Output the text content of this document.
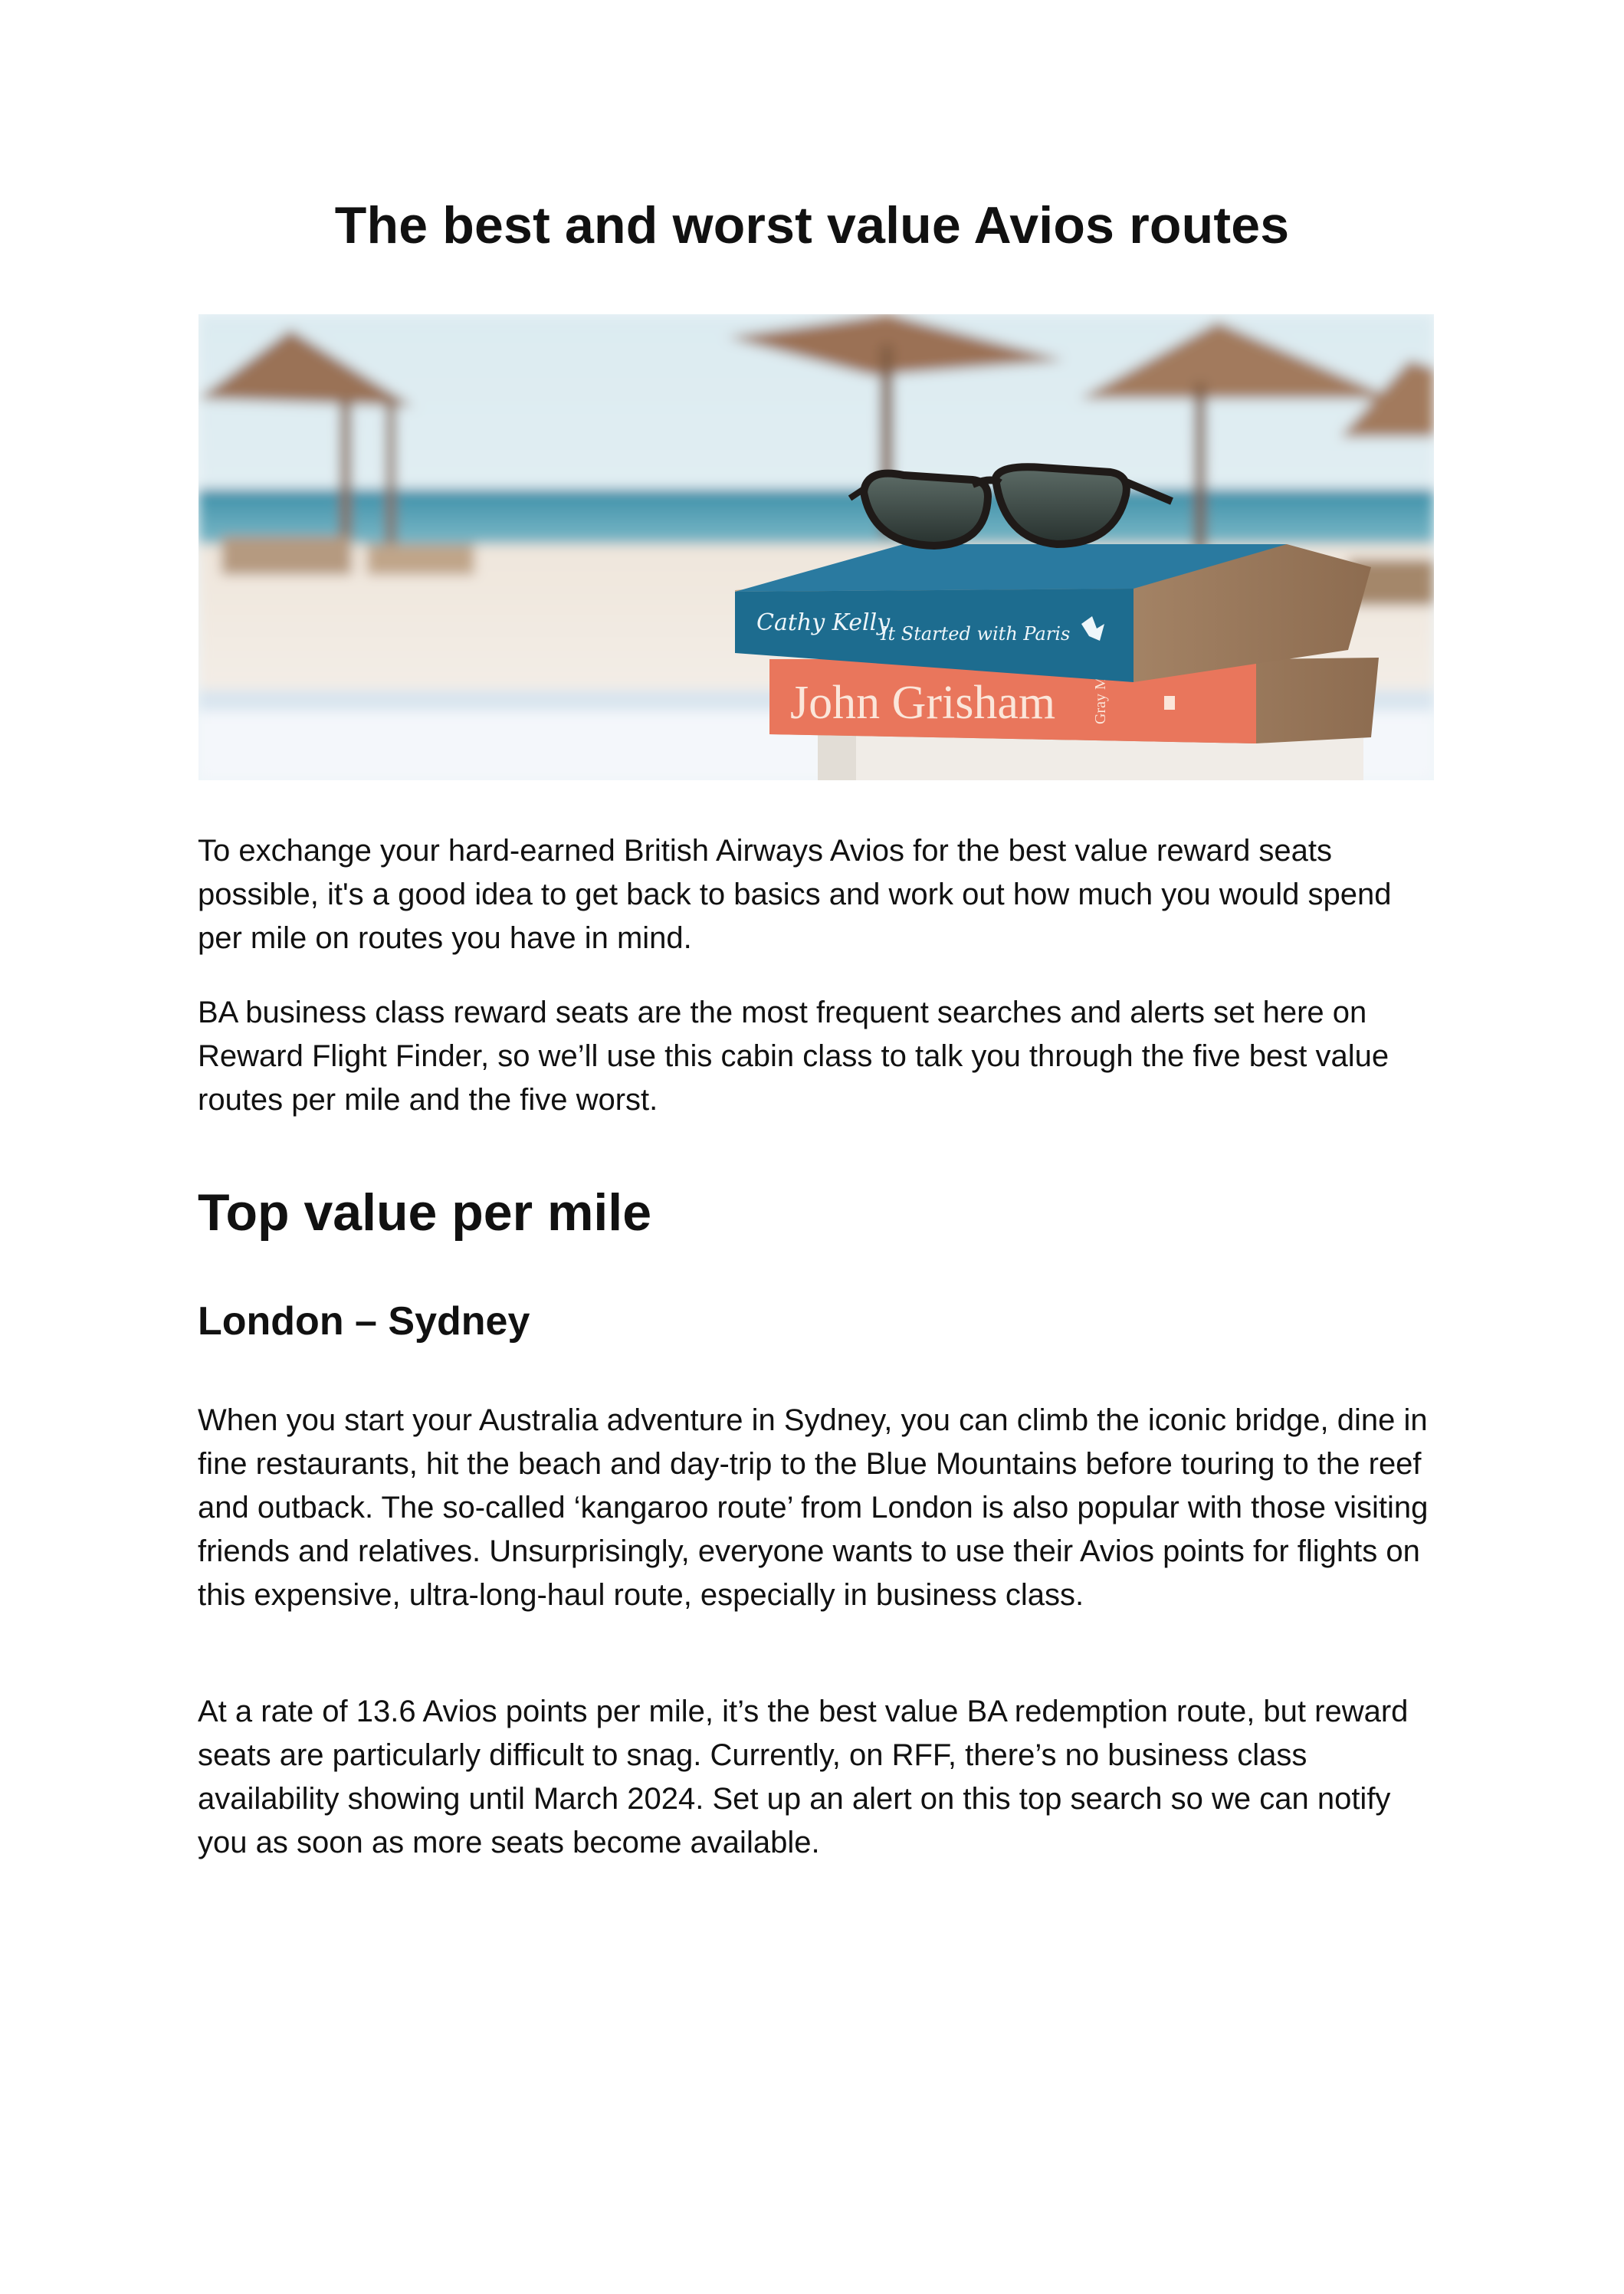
The best and worst value Avios routes
John Grisham
Cathy Kelly
It Started with Paris

To exchange your hard-earned British Airways Avios for the best value reward seats possible, it's a good idea to get back to basics and work out how much you would spend per mile on routes you have in mind.

BA business class reward seats are the most frequent searches and alerts set here on Reward Flight Finder, so we’ll use this cabin class to talk you through the five best value routes per mile and the five worst.

Top value per mile
London – Sydney

When you start your Australia adventure in Sydney, you can climb the iconic bridge, dine in fine restaurants, hit the beach and day-trip to the Blue Mountains before touring to the reef and outback. The so-called ‘kangaroo route’ from London is also popular with those visiting friends and relatives. Unsurprisingly, everyone wants to use their Avios points for flights on this expensive, ultra-long-haul route, especially in business class.

At a rate of 13.6 Avios points per mile, it’s the best value BA redemption route, but reward seats are particularly difficult to snag. Currently, on RFF, there’s no business class availability showing until March 2024. Set up an alert on this top search so we can notify you as soon as more seats become available.
